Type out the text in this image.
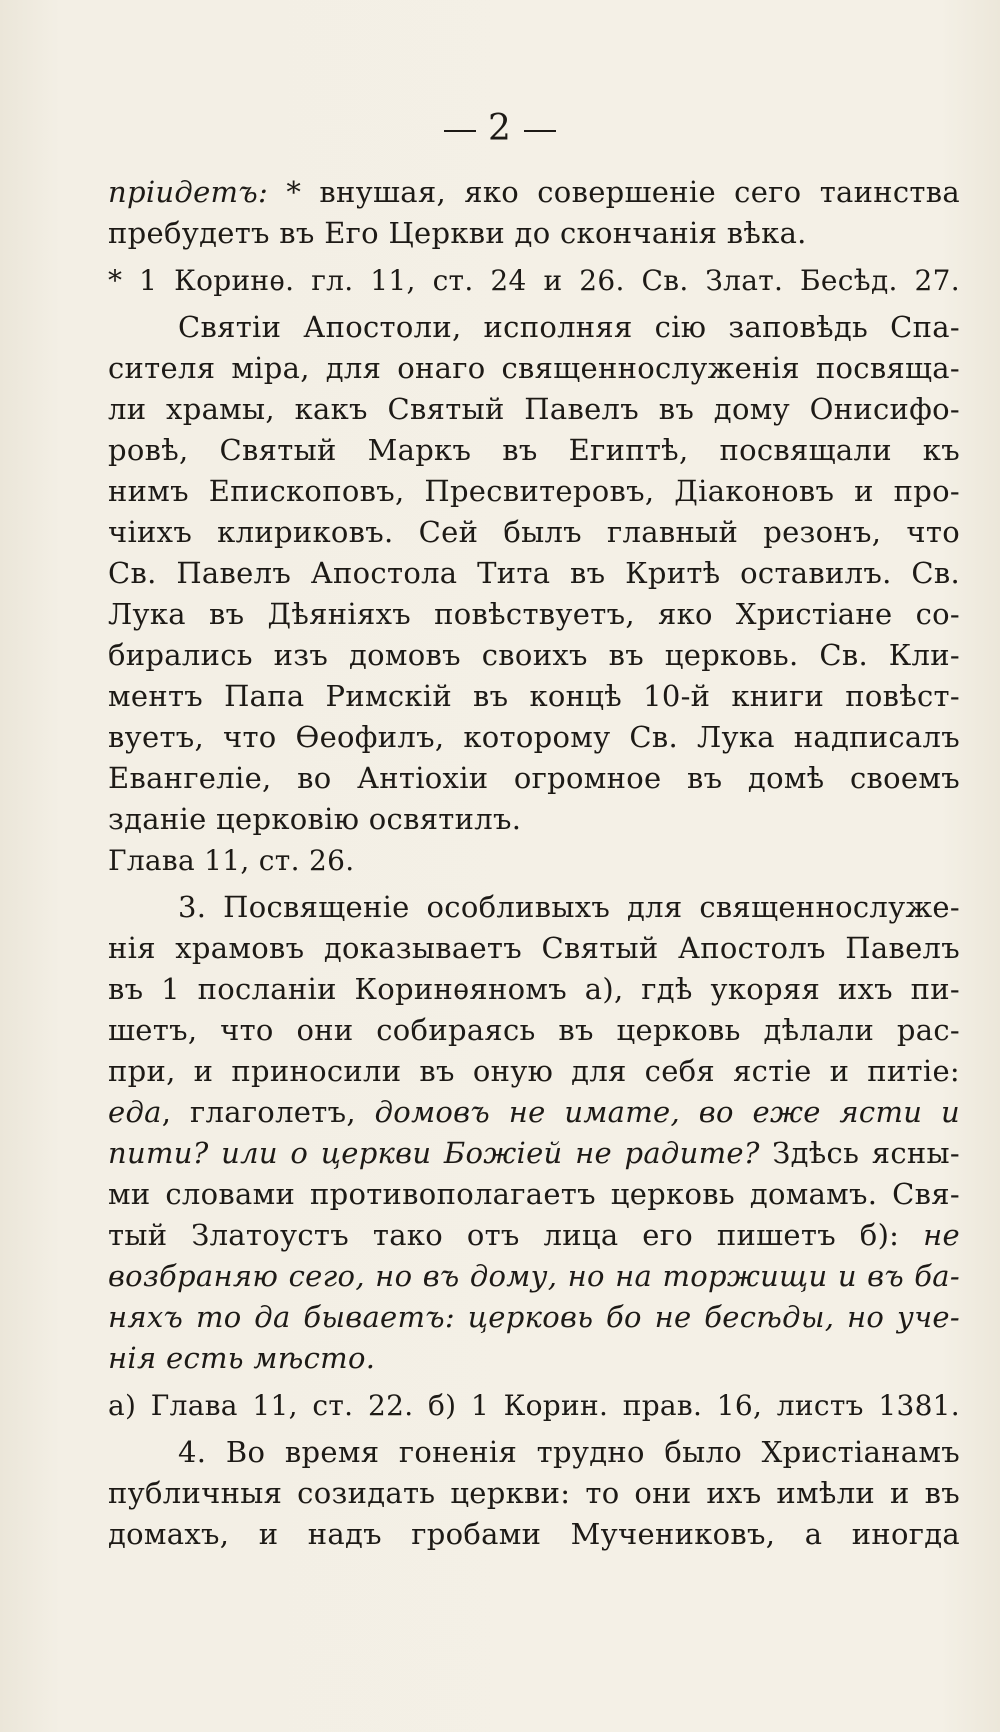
2
пріидетъ: * внушая, яко совершеніе сего таинства
пребудетъ въ Его Церкви до скончанія вѣка.
* 1 Коринѳ. гл. 11, ст. 24 и 26. Св. Злат. Бесѣд. 27.
Святіи Апостоли, исполняя сію заповѣдь Спа-
сителя міра, для онаго священнослуженія посвяща-
ли храмы, какъ Святый Павелъ въ дому Онисифо-
ровѣ, Святый Маркъ въ Египтѣ, посвящали къ
нимъ Епископовъ, Пресвитеровъ, Діаконовъ и про-
чіихъ клириковъ. Сей былъ главный резонъ, что
Св. Павелъ Апостола Тита въ Критѣ оставилъ. Св.
Лука въ Дѣяніяхъ повѣствуетъ, яко Христіане со-
бирались изъ домовъ своихъ въ церковь. Св. Кли-
ментъ Папа Римскій въ концѣ 10-й книги повѣст-
вуетъ, что Ѳеофилъ, которому Св. Лука надписалъ
Евангеліе, во Антіохіи огромное въ домѣ своемъ
зданіе церковію освятилъ.
Глава 11, ст. 26.
3. Посвященіе особливыхъ для священнослуже-
нія храмовъ доказываетъ Святый Апостолъ Павелъ
въ 1 посланіи Коринѳяномъ а), гдѣ укоряя ихъ пи-
шетъ, что они собираясь въ церковь дѣлали рас-
при, и приносили въ оную для себя ястіе и питіе:
еда, глаголетъ, домовъ не имате, во еже ясти и
пити? или о церкви Божіей не радите? Здѣсь ясны-
ми словами противополагаетъ церковь домамъ. Свя-
тый Златоустъ тако отъ лица его пишетъ б): не
возбраняю сего, но въ дому, но на торжищи и въ ба-
няхъ то да бываетъ: церковь бо не бесѣды, но уче-
нія есть мѣсто.
а) Глава 11, ст. 22. б) 1 Корин. прав. 16, листъ 1381.
4. Во время гоненія трудно было Христіанамъ
публичныя созидать церкви: то они ихъ имѣли и въ
домахъ, и надъ гробами Мучениковъ, а иногда
